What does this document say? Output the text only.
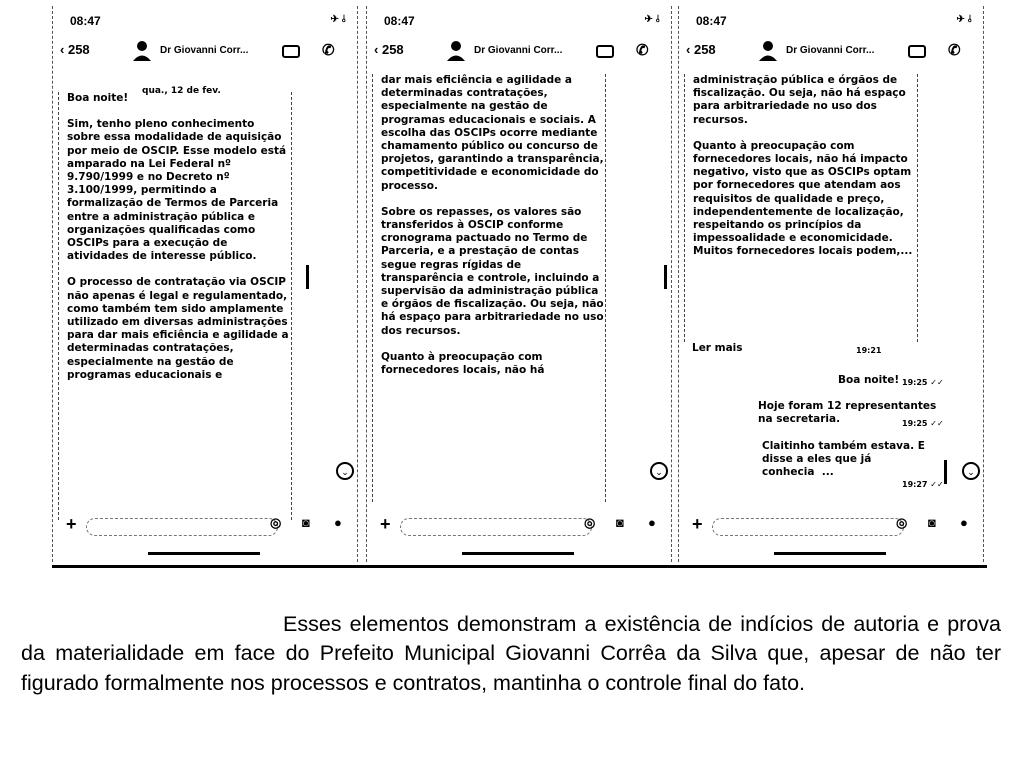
08:47	✈ ⫰
‹ 258	Dr Giovanni Corr...	✆
qua., 12 de fev.

Boa noite!

Sim, tenho pleno conhecimento sobre essa modalidade de aquisição por meio de OSCIP. Esse modelo está amparado na Lei Federal nº 9.790/1999 e no Decreto nº 3.100/1999, permitindo a formalização de Termos de Parceria entre a administração pública e organizações qualificadas como OSCIPs para a execução de atividades de interesse público.

O processo de contratação via OSCIP não apenas é legal e regulamentado, como também tem sido amplamente utilizado em diversas administrações para dar mais eficiência e agilidade a determinadas contratações, especialmente na gestão de programas educacionais e

⌄
+	◎ ◙ ●
08:47	✈ ⫰
‹ 258	Dr Giovanni Corr...	✆

dar mais eficiência e agilidade a determinadas contratações, especialmente na gestão de programas educacionais e sociais. A escolha das OSCIPs ocorre mediante chamamento público ou concurso de projetos, garantindo a transparência, competitividade e economicidade do processo.

Sobre os repasses, os valores são transferidos à OSCIP conforme cronograma pactuado no Termo de Parceria, e a prestação de contas segue regras rígidas de transparência e controle, incluindo a supervisão da administração pública e órgãos de fiscalização. Ou seja, não há espaço para arbitrariedade no uso dos recursos.

Quanto à preocupação com fornecedores locais, não há

⌄
+	◎ ◙ ●
08:47	✈ ⫰
‹ 258	Dr Giovanni Corr...	✆

administração pública e órgãos de fiscalização. Ou seja, não há espaço para arbitrariedade no uso dos recursos.

Quanto à preocupação com fornecedores locais, não há impacto negativo, visto que as OSCIPs optam por fornecedores que atendam aos requisitos de qualidade e preço, independentemente de localização, respeitando os princípios da impessoalidade e economicidade. Muitos fornecedores locais podem,...

Ler mais	19:21
Boa noite! 19:25 ✓✓
Hoje foram 12 representantes
na secretaria.	19:25 ✓✓
Claitinho também estava. E
disse a eles que já
conhecia  ...
19:27 ✓✓
⌄
+	◎ ◙ ●

Esses elementos demonstram a existência de indícios de autoria e prova da materialidade em face do Prefeito Municipal Giovanni Corrêa da Silva que, apesar de não ter figurado formalmente nos processos e contratos, mantinha o controle final do fato.
